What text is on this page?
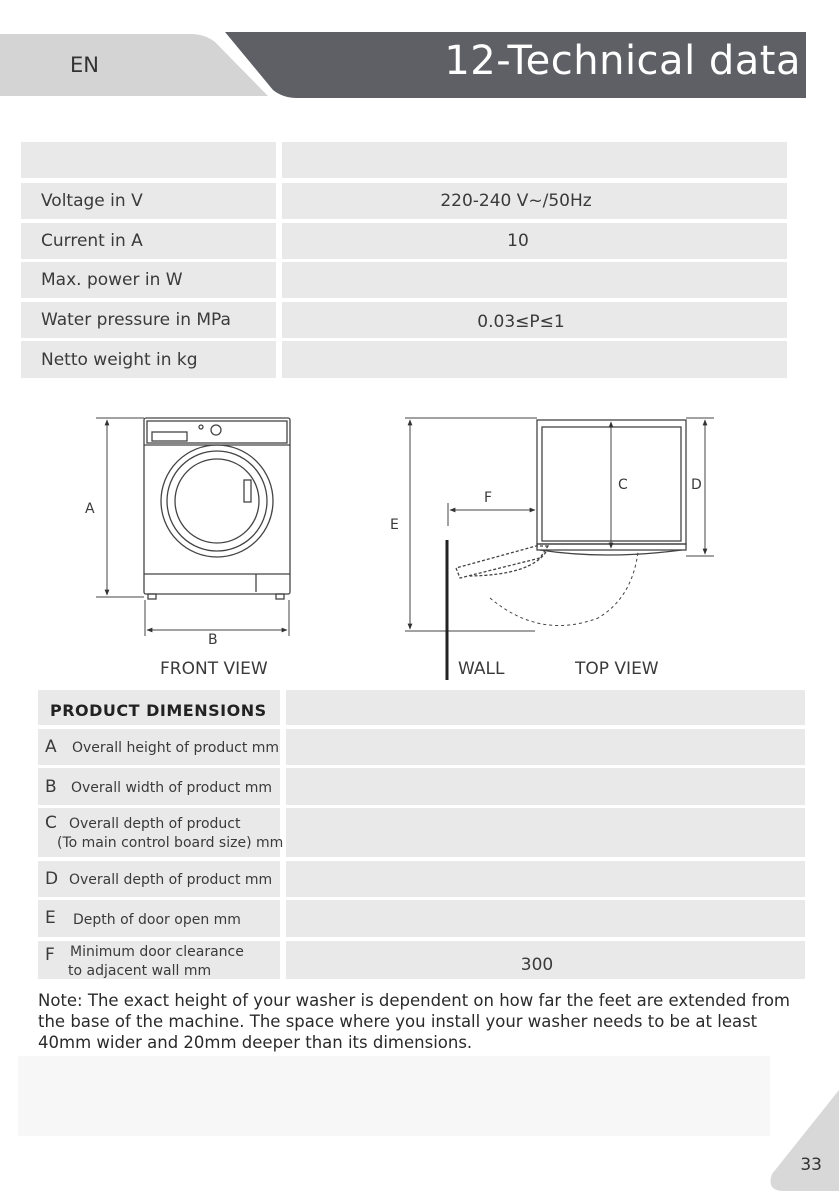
EN	12-Technical data
Voltage in V	220-240 V~/50Hz
Current in A	10
Max. power in W
Water pressure in MPa	0.03≤P≤1
Netto weight in kg
A
B
C	D
E
F
FRONT VIEW	WALL	TOP VIEW
PRODUCT DIMENSIONS
A Overall height of product mm
B Overall width of product mm
C Overall depth of product
(To main control board size) mm
D Overall depth of product mm
E Depth of door open mm
F Minimum door clearance
to adjacent wall mm	300
Note: The exact height of your washer is dependent on how far the feet are extended from the base of the machine. The space where you install your washer needs to be at least 40mm wider and 20mm deeper than its dimensions.
33
